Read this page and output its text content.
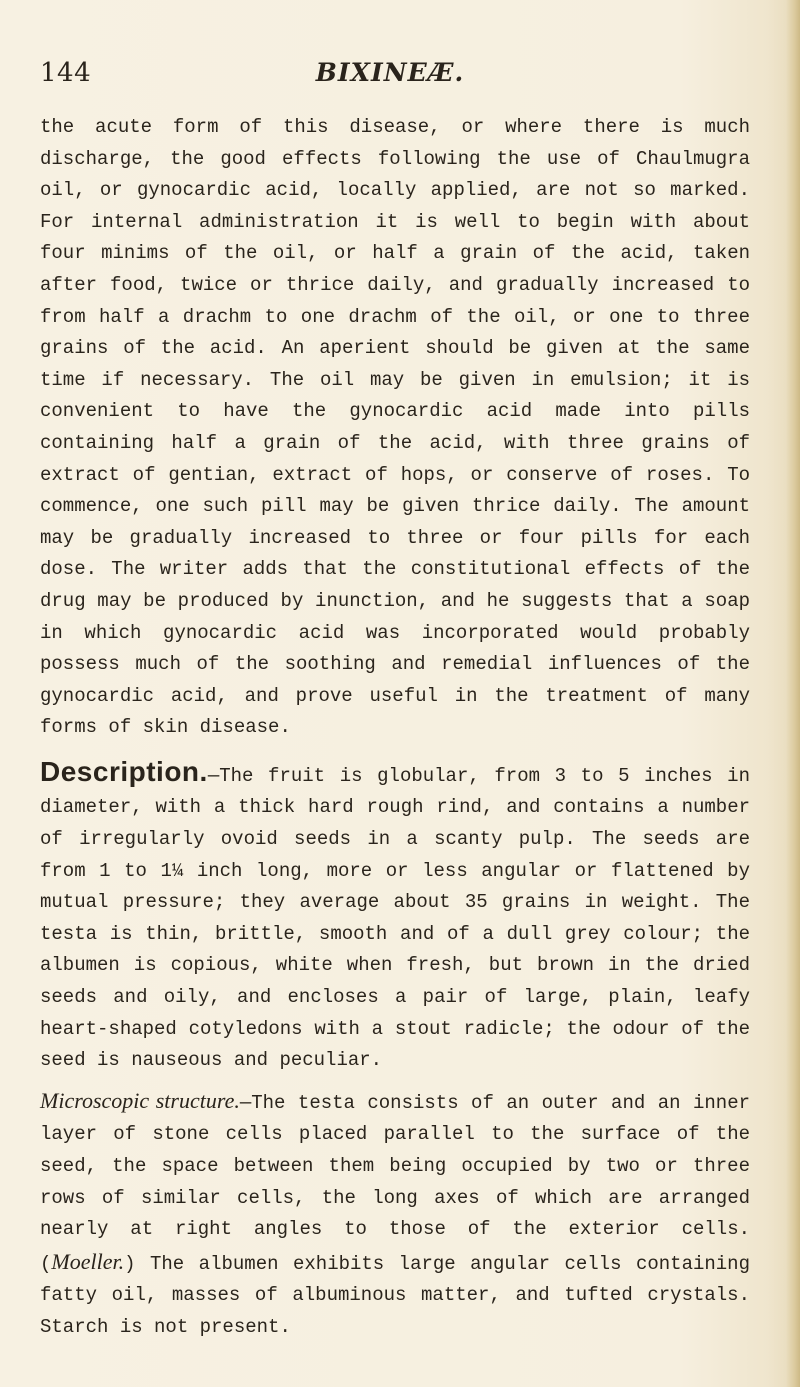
144	BIXINEÆ.

the acute form of this disease, or where there is much discharge, the good effects following the use of Chaulmugra oil, or gynocardic acid, locally applied, are not so marked. For internal administration it is well to begin with about four minims of the oil, or half a grain of the acid, taken after food, twice or thrice daily, and gradually increased to from half a drachm to one drachm of the oil, or one to three grains of the acid. An aperient should be given at the same time if necessary. The oil may be given in emulsion; it is convenient to have the gynocardic acid made into pills containing half a grain of the acid, with three grains of extract of gentian, extract of hops, or conserve of roses. To commence, one such pill may be given thrice daily. The amount may be gradually increased to three or four pills for each dose. The writer adds that the constitutional effects of the drug may be produced by inunction, and he suggests that a soap in which gynocardic acid was incorporated would probably possess much of the soothing and remedial influences of the gynocardic acid, and prove useful in the treatment of many forms of skin disease.

Description.—The fruit is globular, from 3 to 5 inches in diameter, with a thick hard rough rind, and contains a number of irregularly ovoid seeds in a scanty pulp. The seeds are from 1 to 1¼ inch long, more or less angular or flattened by mutual pressure; they average about 35 grains in weight. The testa is thin, brittle, smooth and of a dull grey colour; the albumen is copious, white when fresh, but brown in the dried seeds and oily, and encloses a pair of large, plain, leafy heart-shaped cotyledons with a stout radicle; the odour of the seed is nauseous and peculiar.

Microscopic structure.—The testa consists of an outer and an inner layer of stone cells placed parallel to the surface of the seed, the space between them being occupied by two or three rows of similar cells, the long axes of which are arranged nearly at right angles to those of the exterior cells. (Moeller.) The albumen exhibits large angular cells containing fatty oil, masses of albuminous matter, and tufted crystals. Starch is not present.
